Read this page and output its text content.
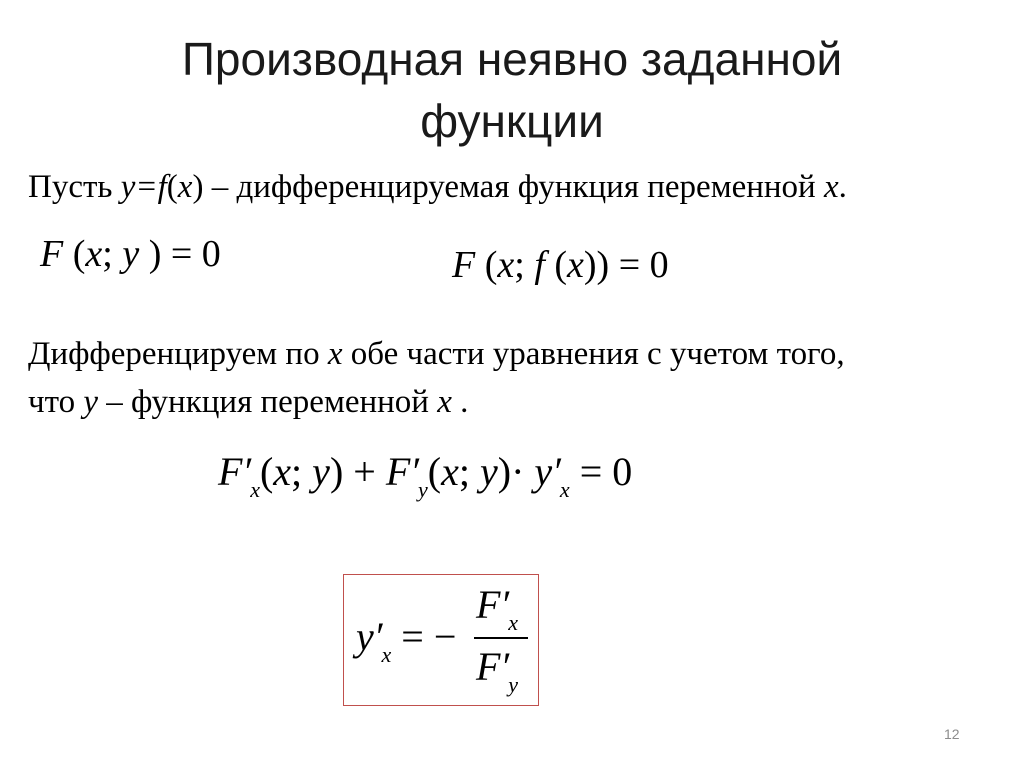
Производная неявно заданной
функции
Пусть y=f(x) – дифференцируемая функция переменной x.
F (x; y ) = 0	F (x; f (x)) = 0
Дифференцируем по x обе части уравнения с учетом того,
что y – функция переменной x .
$F'_x(x$; $y) + F'_y(x$; $y)\cdot y'_x = 0$
$y'_x$ = −
$F'_x$
$F'_y$
12
